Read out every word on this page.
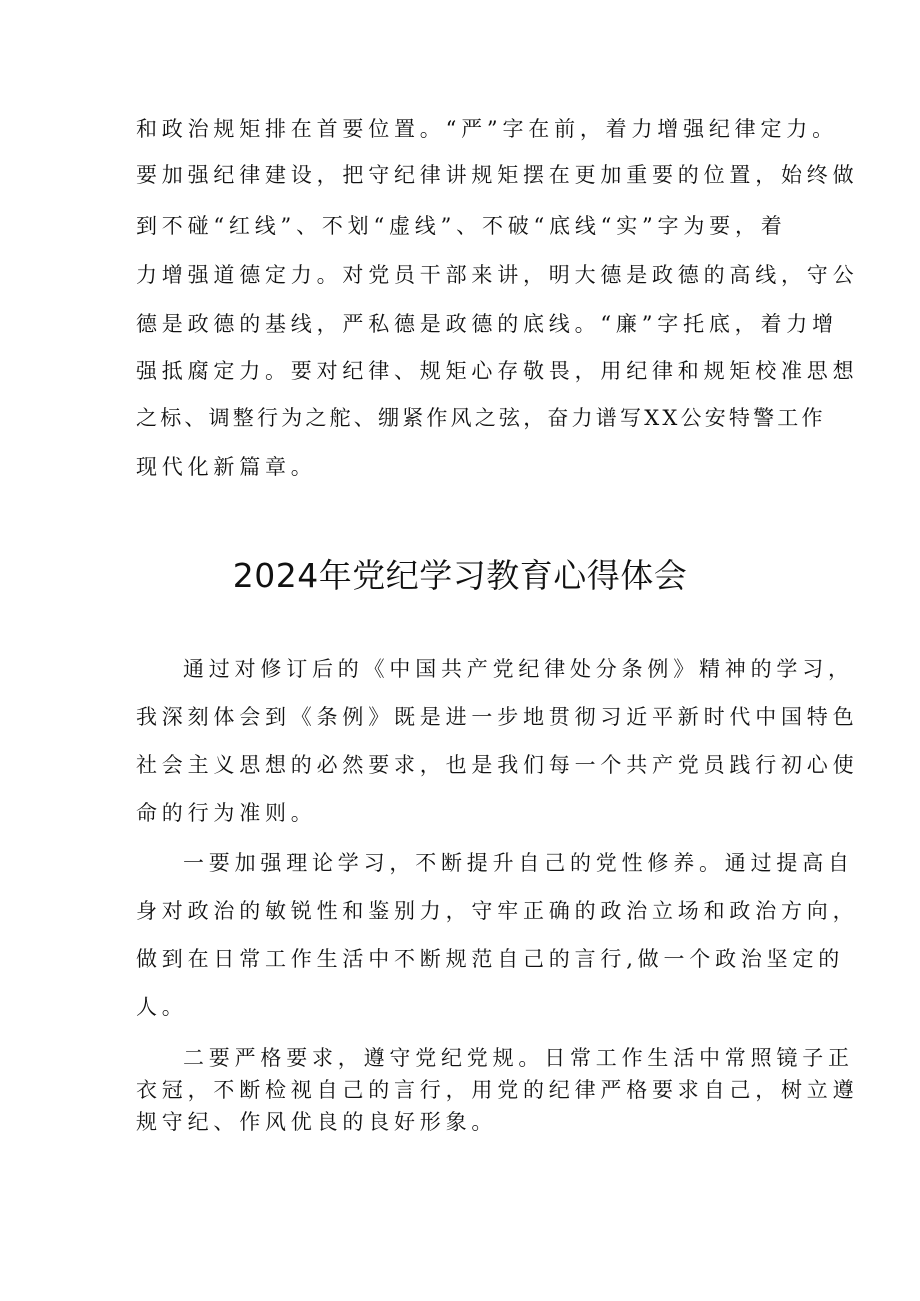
和政治规矩排在首要位置。“严”字在前，着力增强纪律定力。
要加强纪律建设，把守纪律讲规矩摆在更加重要的位置，始终做
到不碰“红线”、不划“虚线”、不破“底线“实”字为要，着
力增强道德定力。对党员干部来讲，明大德是政德的高线，守公
德是政德的基线，严私德是政德的底线。“廉”字托底，着力增
强抵腐定力。要对纪律、规矩心存敬畏，用纪律和规矩校准思想
之标、调整行为之舵、绷紧作风之弦，奋力谱写XX公安特警工作
现代化新篇章。
2024年党纪学习教育心得体会
通过对修订后的《中国共产党纪律处分条例》精神的学习，
我深刻体会到《条例》既是进一步地贯彻习近平新时代中国特色
社会主义思想的必然要求，也是我们每一个共产党员践行初心使
命的行为准则。
一要加强理论学习，不断提升自己的党性修养。通过提高自
身对政治的敏锐性和鉴别力，守牢正确的政治立场和政治方向，
做到在日常工作生活中不断规范自己的言行,做一个政治坚定的
人。
二要严格要求，遵守党纪党规。日常工作生活中常照镜子正
衣冠，不断检视自己的言行，用党的纪律严格要求自己，树立遵
规守纪、作风优良的良好形象。
